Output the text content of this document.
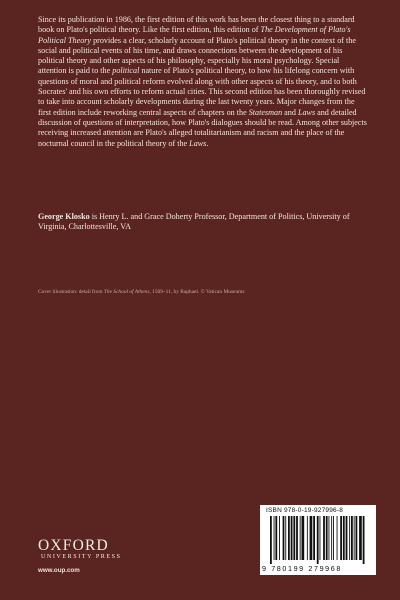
Since its publication in 1986, the first edition of this work has been the closest thing to a standard book on Plato's political theory. Like the first edition, this edition of The Development of Plato's Political Theory provides a clear, scholarly account of Plato's political theory in the context of the social and political events of his time, and draws connections between the development of his political theory and other aspects of his philosophy, especially his moral psychology. Special attention is paid to the political nature of Plato's political theory, to how his lifelong concern with questions of moral and political reform evolved along with other aspects of his theory, and to both Socrates' and his own efforts to reform actual cities. This second edition has been thoroughly revised to take into account scholarly developments during the last twenty years. Major changes from the first edition include reworking central aspects of chapters on the Statesman and Laws and detailed discussion of questions of interpretation, how Plato's dialogues should be read. Among other subjects receiving increased attention are Plato's alleged totalitarianism and racism and the place of the nocturnal council in the political theory of the Laws.

George Klosko is Henry L. and Grace Doherty Professor, Department of Politics, University of Virginia, Charlottesville, VA
Cover illustration: detail from The School of Athens, 1509–11, by Raphael. © Vatican Museums
OXFORD
UNIVERSITY PRESS
www.oup.com
ISBN 978-0-19-927996-8
9 780199 279968
